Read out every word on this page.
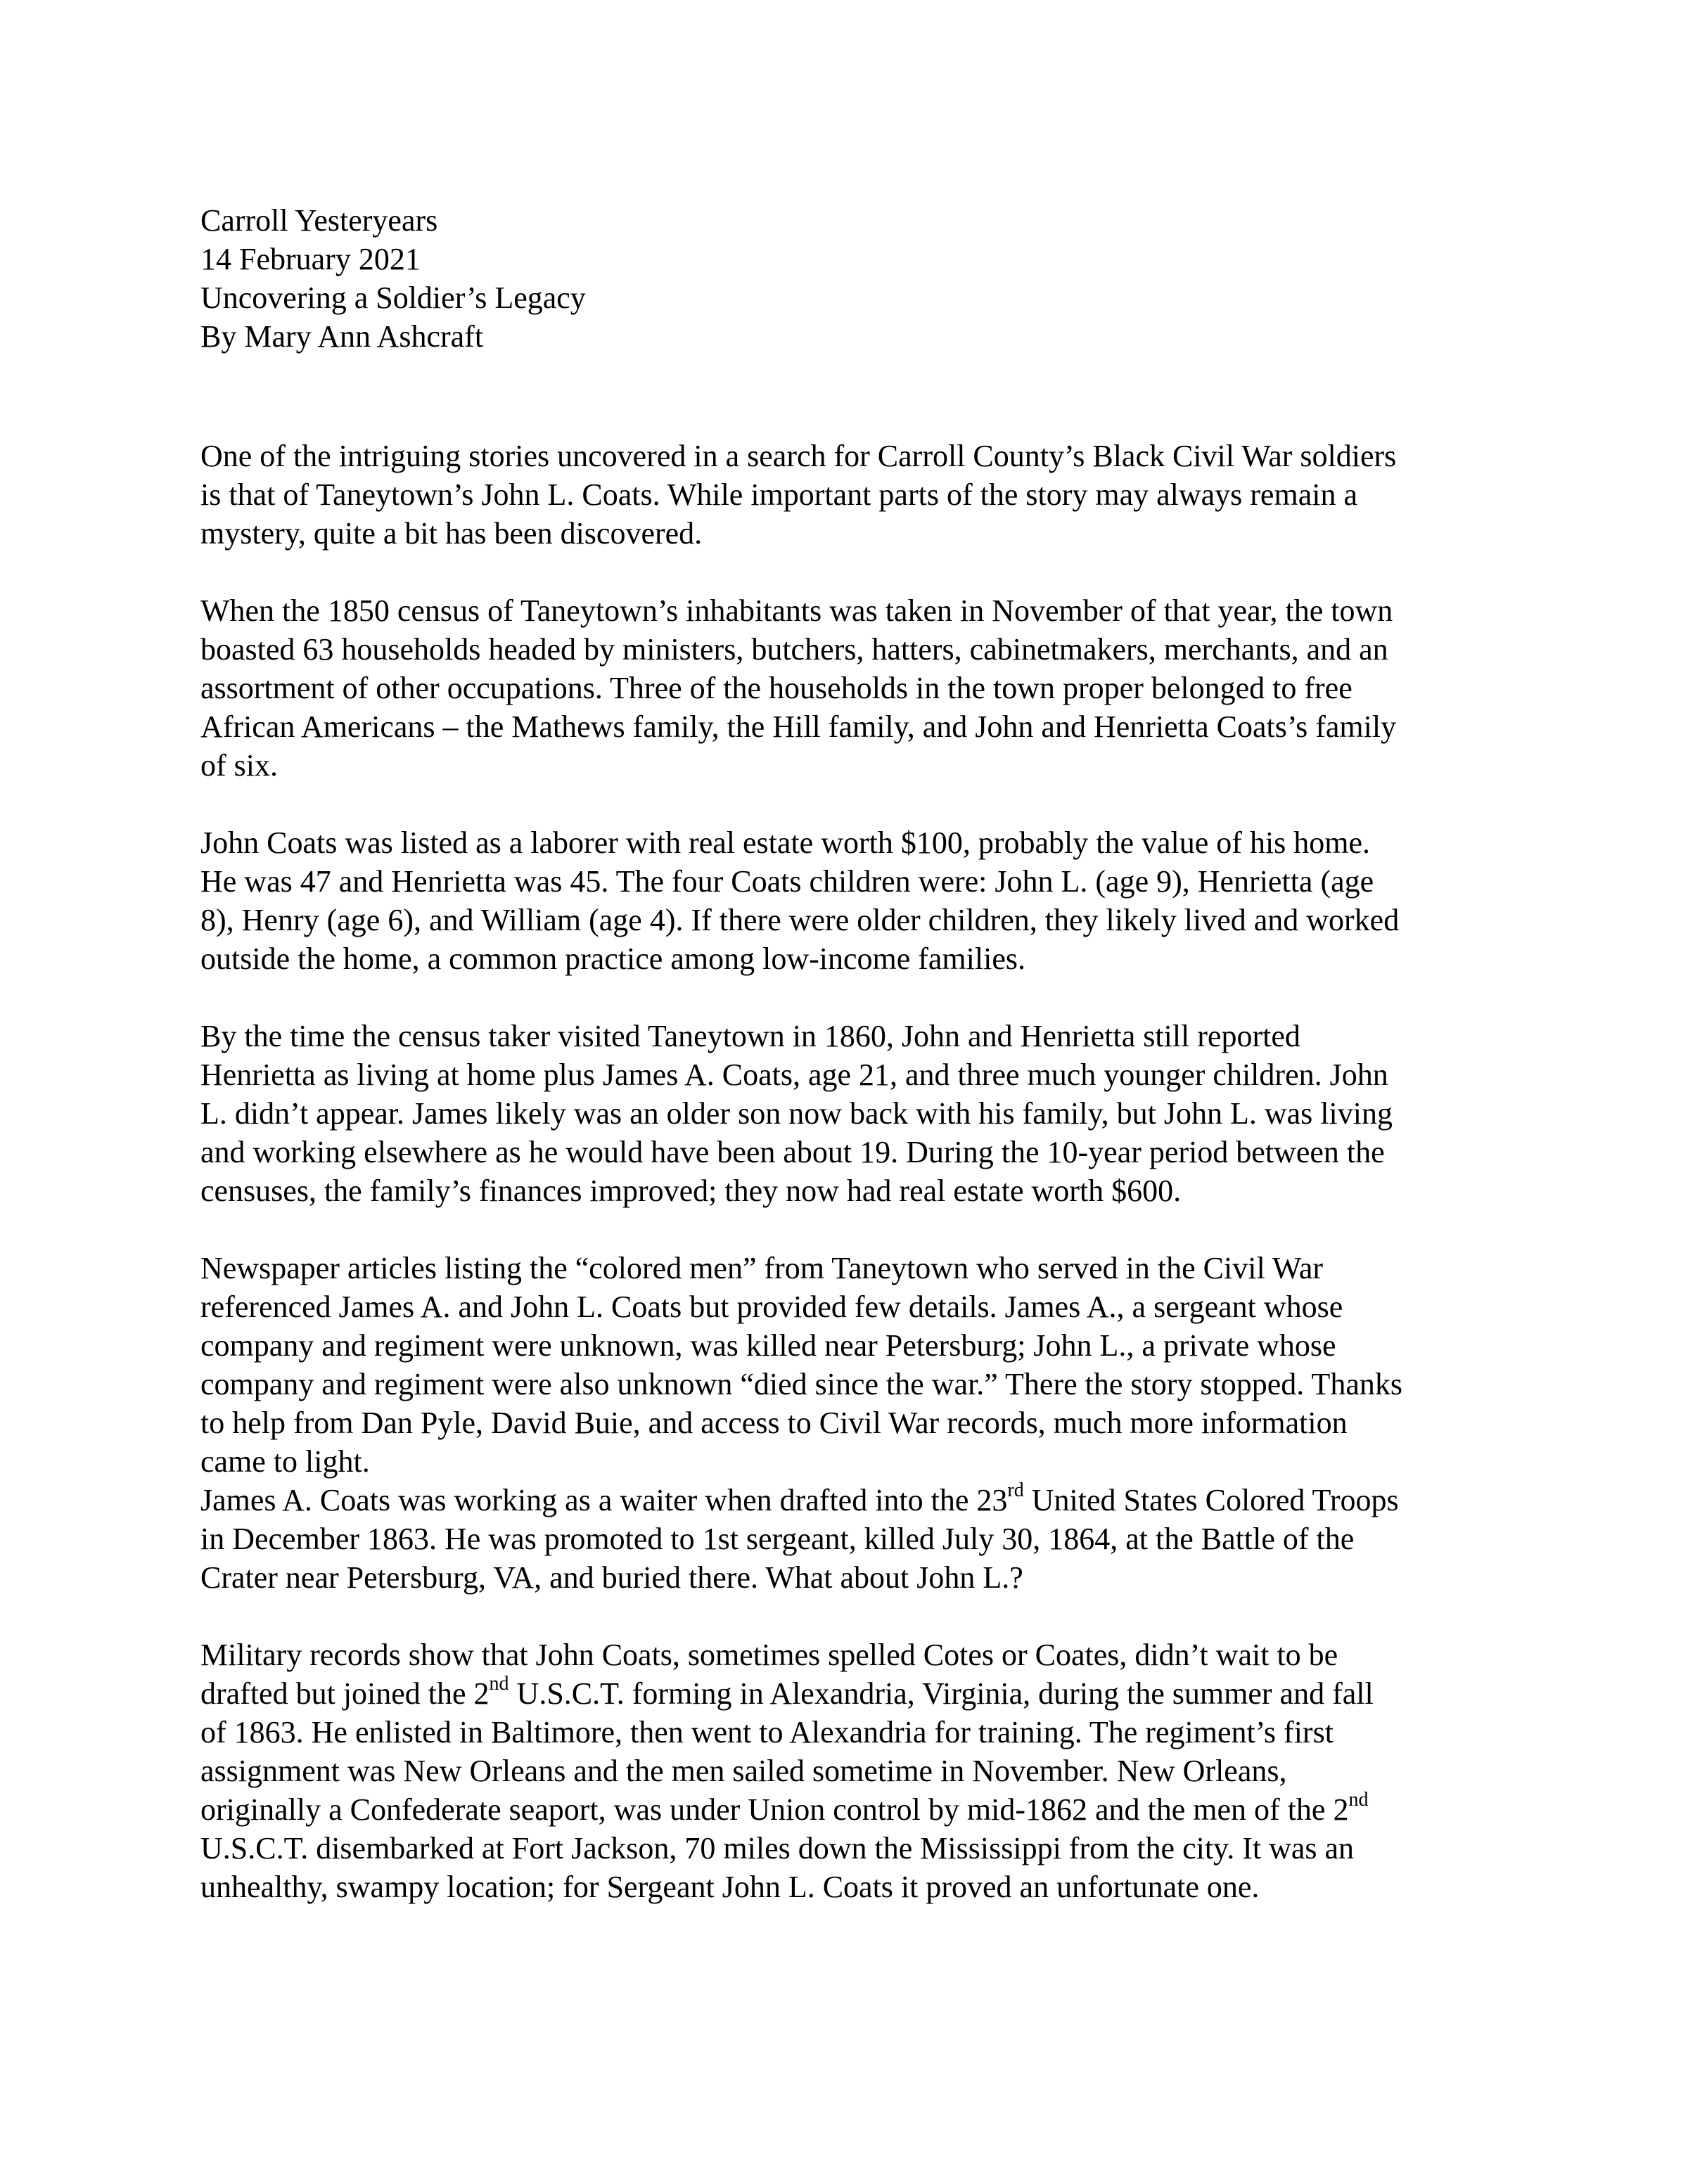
Carroll Yesteryears

14 February 2021

Uncovering a Soldier’s Legacy

By Mary Ann Ashcraft

One of the intriguing stories uncovered in a search for Carroll County’s Black Civil War soldiers
is that of Taneytown’s John L. Coats. While important parts of the story may always remain a
mystery, quite a bit has been discovered.
When the 1850 census of Taneytown’s inhabitants was taken in November of that year, the town
boasted 63 households headed by ministers, butchers, hatters, cabinetmakers, merchants, and an
assortment of other occupations. Three of the households in the town proper belonged to free
African Americans – the Mathews family, the Hill family, and John and Henrietta Coats’s family
of six.
John Coats was listed as a laborer with real estate worth $100, probably the value of his home.
He was 47 and Henrietta was 45. The four Coats children were: John L. (age 9), Henrietta (age
8), Henry (age 6), and William (age 4). If there were older children, they likely lived and worked
outside the home, a common practice among low-income families.
By the time the census taker visited Taneytown in 1860, John and Henrietta still reported
Henrietta as living at home plus James A. Coats, age 21, and three much younger children. John
L. didn’t appear. James likely was an older son now back with his family, but John L. was living
and working elsewhere as he would have been about 19. During the 10-year period between the
censuses, the family’s finances improved; they now had real estate worth $600.
Newspaper articles listing the “colored men” from Taneytown who served in the Civil War
referenced James A. and John L. Coats but provided few details. James A., a sergeant whose
company and regiment were unknown, was killed near Petersburg; John L., a private whose
company and regiment were also unknown “died since the war.” There the story stopped. Thanks
to help from Dan Pyle, David Buie, and access to Civil War records, much more information
came to light.
James A. Coats was working as a waiter when drafted into the 23rd United States Colored Troops
in December 1863. He was promoted to 1st sergeant, killed July 30, 1864, at the Battle of the
Crater near Petersburg, VA, and buried there. What about John L.?
Military records show that John Coats, sometimes spelled Cotes or Coates, didn’t wait to be
drafted but joined the 2nd U.S.C.T. forming in Alexandria, Virginia, during the summer and fall
of 1863. He enlisted in Baltimore, then went to Alexandria for training. The regiment’s first
assignment was New Orleans and the men sailed sometime in November. New Orleans,
originally a Confederate seaport, was under Union control by mid-1862 and the men of the 2nd
U.S.C.T. disembarked at Fort Jackson, 70 miles down the Mississippi from the city. It was an
unhealthy, swampy location; for Sergeant John L. Coats it proved an unfortunate one.
